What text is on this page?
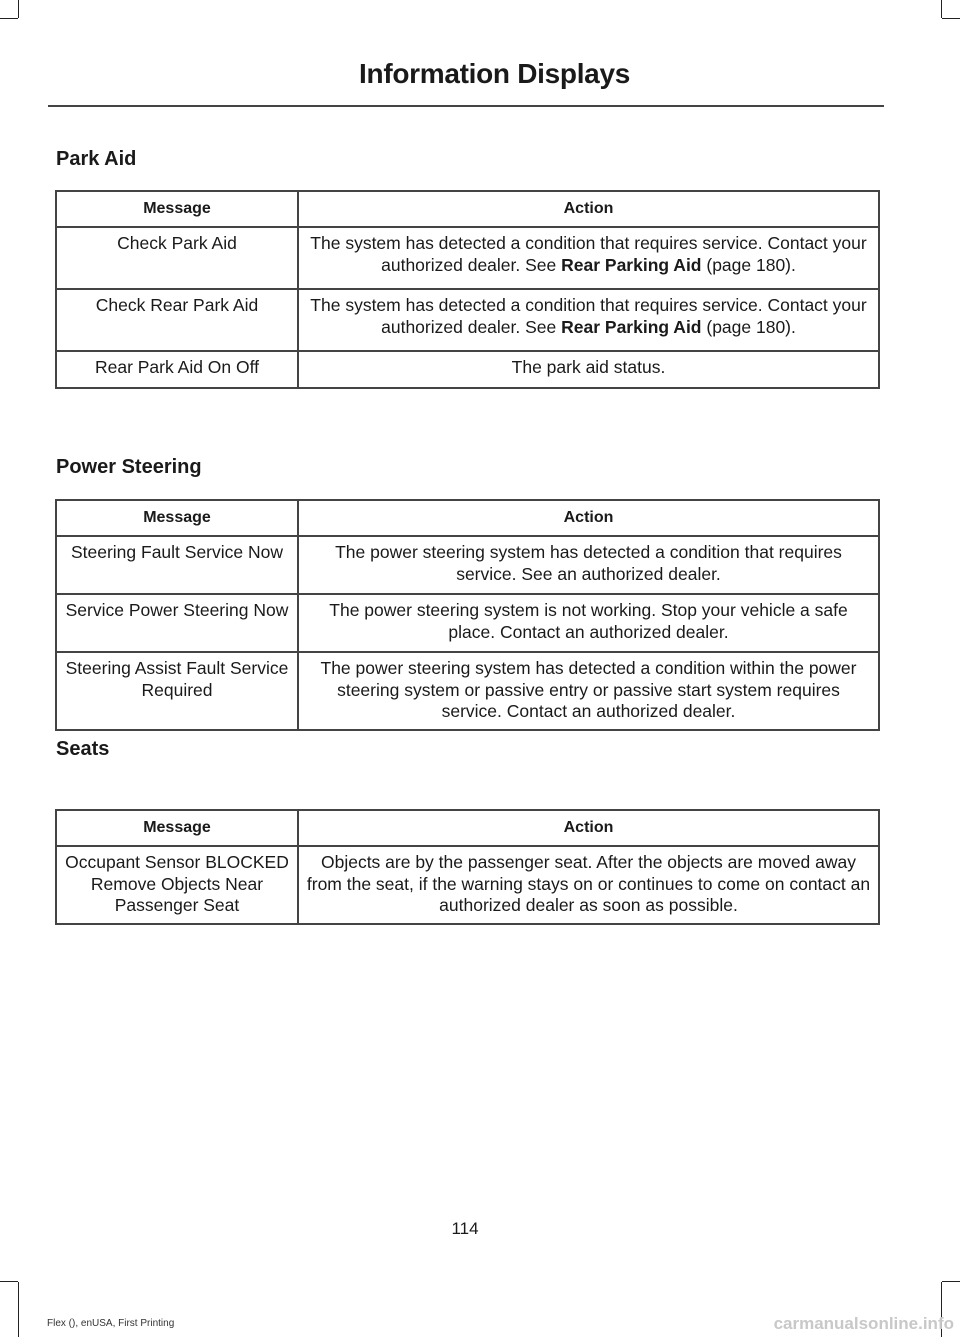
Information Displays
Park Aid
Message	Action
Check Park Aid	The system has detected a condition that requires service. Contact your authorized dealer. See Rear Parking Aid (page 180).
Check Rear Park Aid	The system has detected a condition that requires service. Contact your authorized dealer. See Rear Parking Aid (page 180).
Rear Park Aid On Off	The park aid status.
Power Steering
Message	Action
Steering Fault Service Now	The power steering system has detected a condition that requires service. See an authorized dealer.
Service Power Steering Now	The power steering system is not working. Stop your vehicle a safe place. Contact an authorized dealer.
Steering Assist Fault Service Required	The power steering system has detected a condition within the power steering system or passive entry or passive start system requires service. Contact an authorized dealer.
Seats
Message	Action
Occupant Sensor BLOCKED Remove Objects Near Passenger Seat	Objects are by the passenger seat. After the objects are moved away from the seat, if the warning stays on or continues to come on contact an authorized dealer as soon as possible.
114
Flex (), enUSA, First Printing	carmanualsonline.info
